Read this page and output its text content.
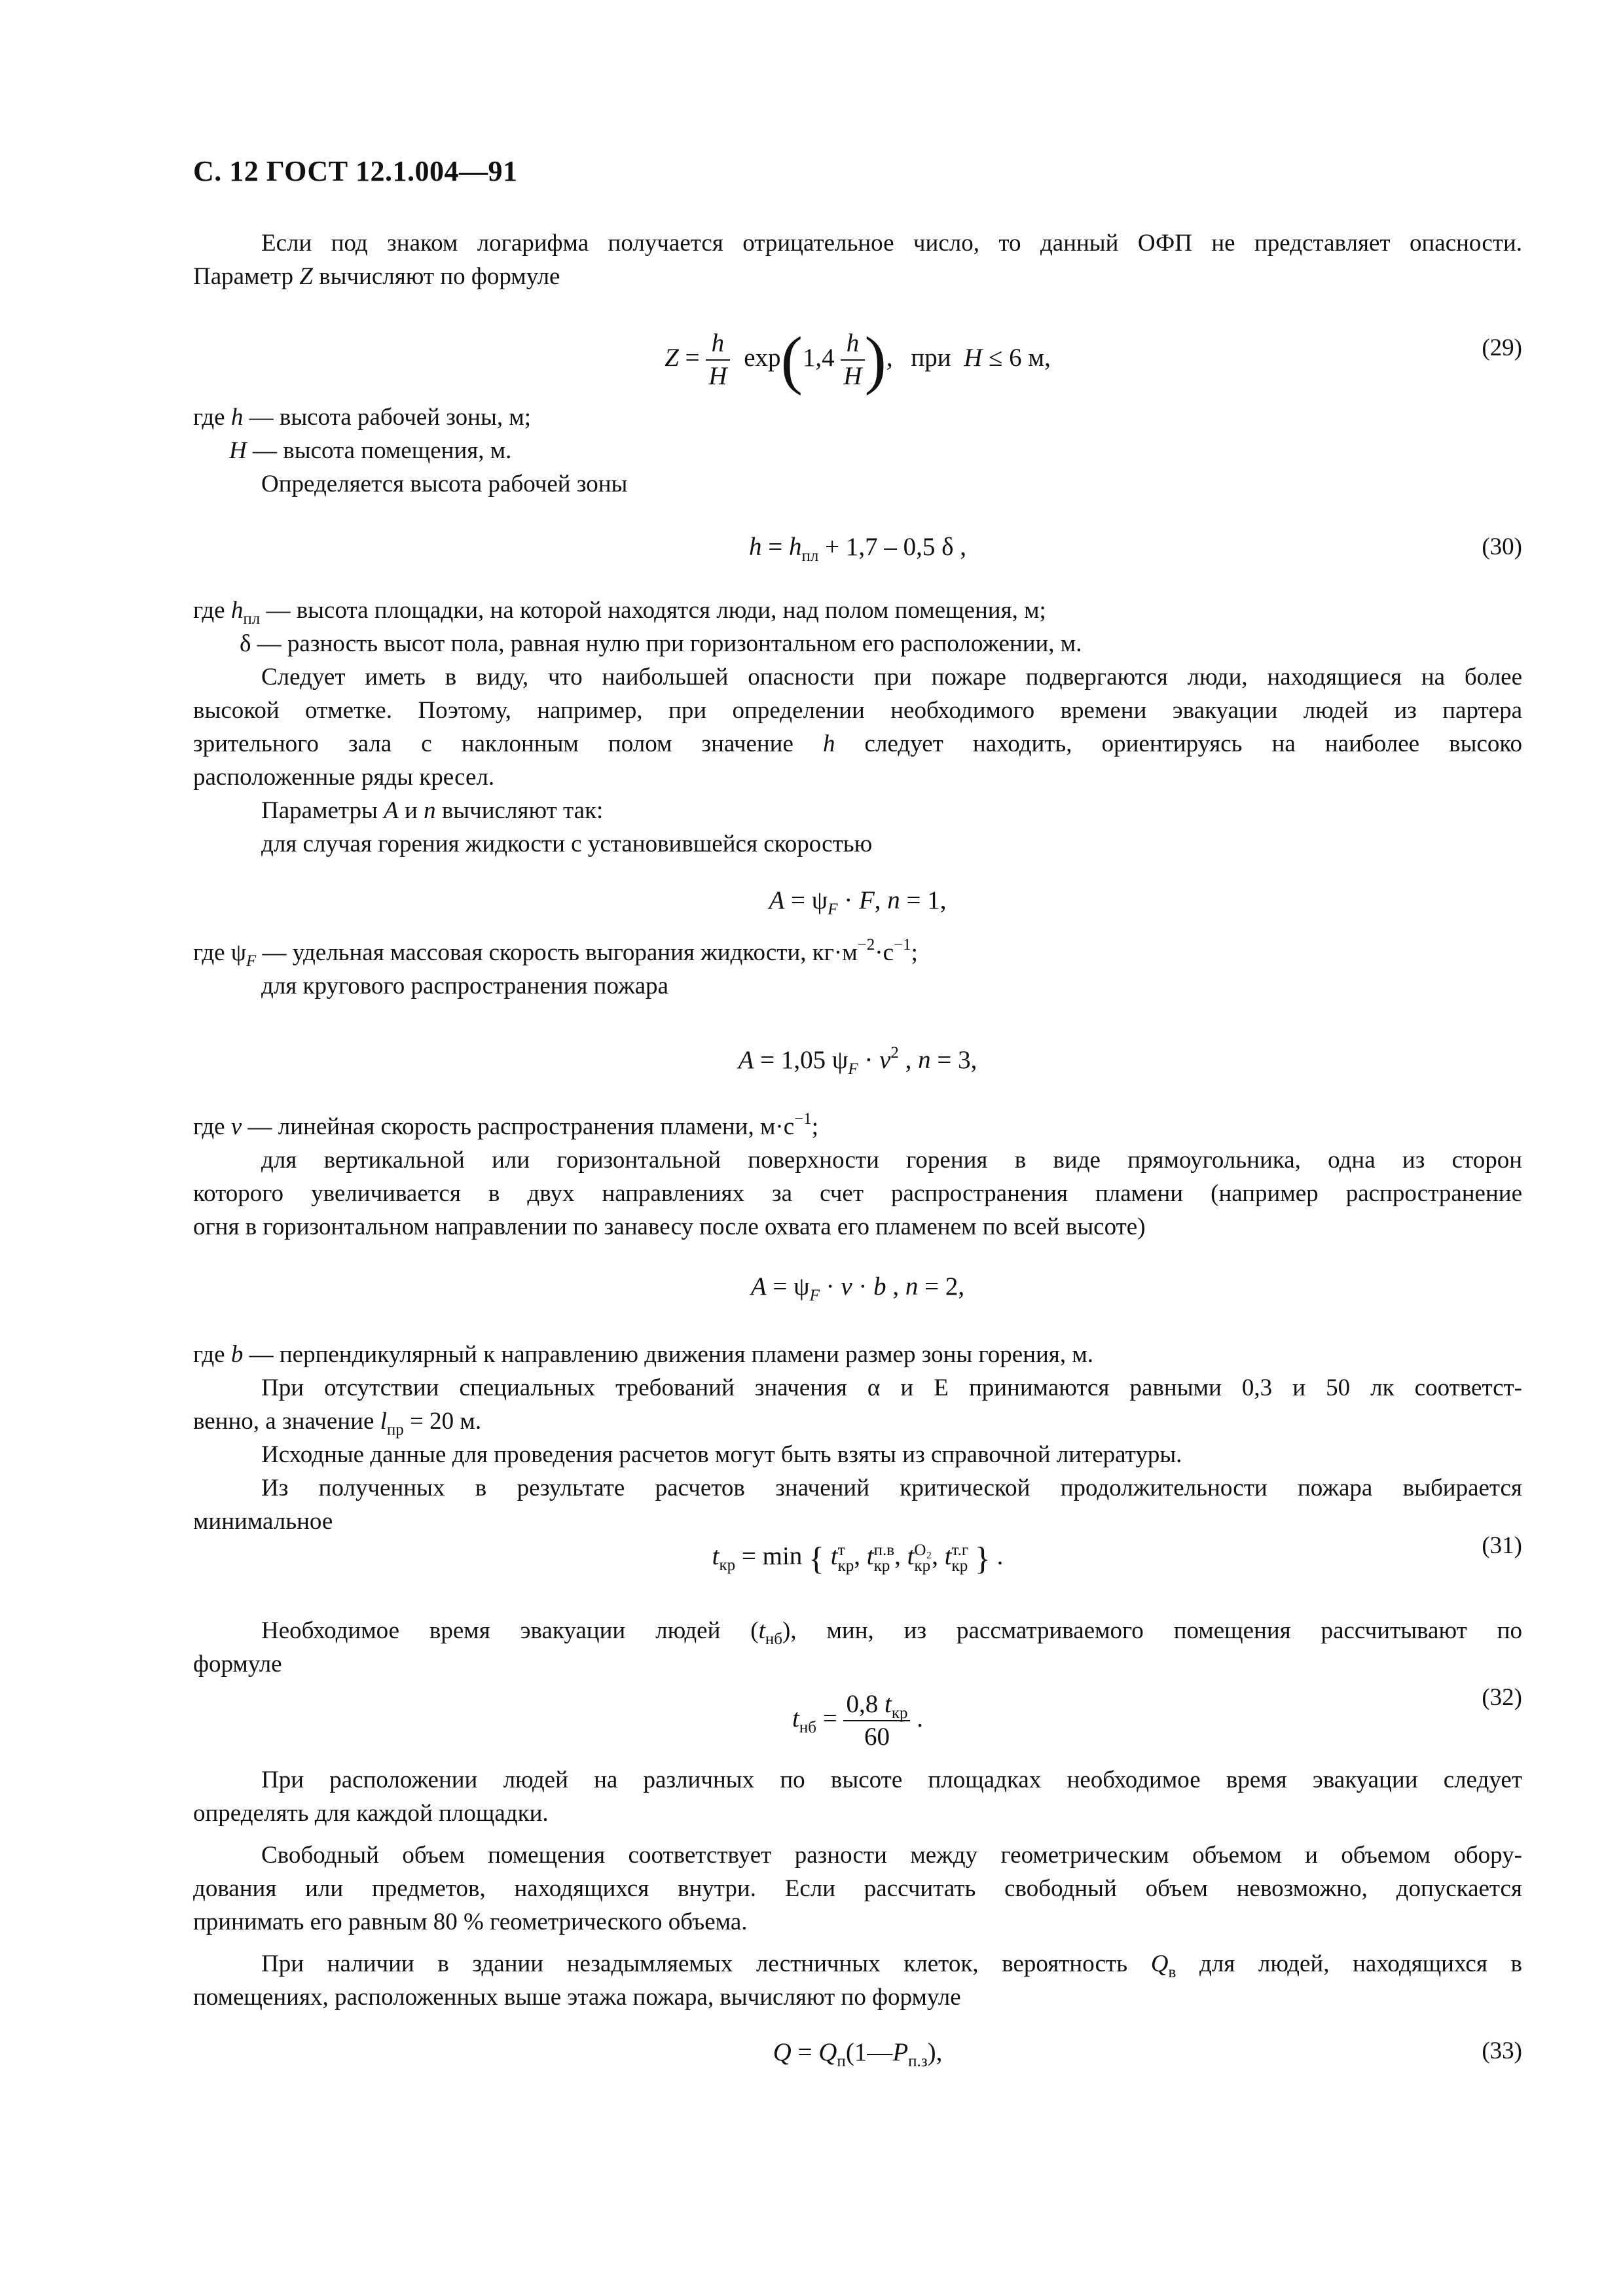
С. 12 ГОСТ 12.1.004—91
Если под знаком логарифма получается отрицательное число, то данный ОФП не представляет опасности.
Параметр Z вычисляют по формуле
$Z = \frac{h}{H} \exp(1,4 \frac{h}{H}$ ), при H ≤ 6 м,	(29)
где h — высота рабочей зоны, м;
H — высота помещения, м.
Определяется высота рабочей зоны
$h = h_{пл} + 1,7 - 0,5$ δ ,	(30)
где $h_{пл}$ — высота площадки, на которой находятся люди, над полом помещения, м;
δ — разность высот пола, равная нулю при горизонтальном его расположении, м.
Следует иметь в виду, что наибольшей опасности при пожаре подвергаются люди, находящиеся на более
высокой отметке. Поэтому, например, при определении необходимого времени эвакуации людей из партера
зрительного зала с наклонным полом значение h следует находить, ориентируясь на наиболее высоко
расположенные ряды кресел.
Параметры A и n вычисляют так:
для случая горения жидкости с установившейся скоростью
$A = \psi_F \cdot F$, n = 1,
где $\psi_F$ — удельная массовая скорость выгорания жидкости, $кг\cdot м^{-2}\cdot с^{-1}$;
для кругового распространения пожара
A = 1,05 $\psi_F \cdot v^2$ , n = 3,
где v — линейная скорость распространения пламени, $м\cdot с^{-1}$;
для вертикальной или горизонтальной поверхности горения в виде прямоугольника, одна из сторон
которого увеличивается в двух направлениях за счет распространения пламени (например распространение
огня в горизонтальном направлении по занавесу после охвата его пламенем по всей высоте)
$A = \psi_F \cdot v \cdot b$ , n = 2,
где b — перпендикулярный к направлению движения пламени размер зоны горения, м.
При отсутствии специальных требований значения α и Е принимаются равными 0,3 и 50 лк соответст-
венно, а значение $l_{пр} = 20$ м.
Исходные данные для проведения расчетов могут быть взяты из справочной литературы.
Из полученных в результате расчетов значений критической продолжительности пожара выбирается
минимальное
$t_{кр} = \min$ { t т
кр , t п.в
кр , t O₂
кр , t т.г
кр } .	(31)
Необходимое время эвакуации людей $(t_{нб})$, мин, из рассматриваемого помещения рассчитывают по
формуле
$t_{нб} = \frac{0,8 t_{кр}}{60}$ .
(32)
При расположении людей на различных по высоте площадках необходимое время эвакуации следует
определять для каждой площадки.
Свободный объем помещения соответствует разности между геометрическим объемом и объемом обору-
дования или предметов, находящихся внутри. Если рассчитать свободный объем невозможно, допускается
принимать его равным 80 % геометрического объема.
При наличии в здании незадымляемых лестничных клеток, вероятность $Q_в$ для людей, находящихся в
помещениях, расположенных выше этажа пожара, вычисляют по формуле
$Q = Q_п(1—P_{п.з})$,	(33)
